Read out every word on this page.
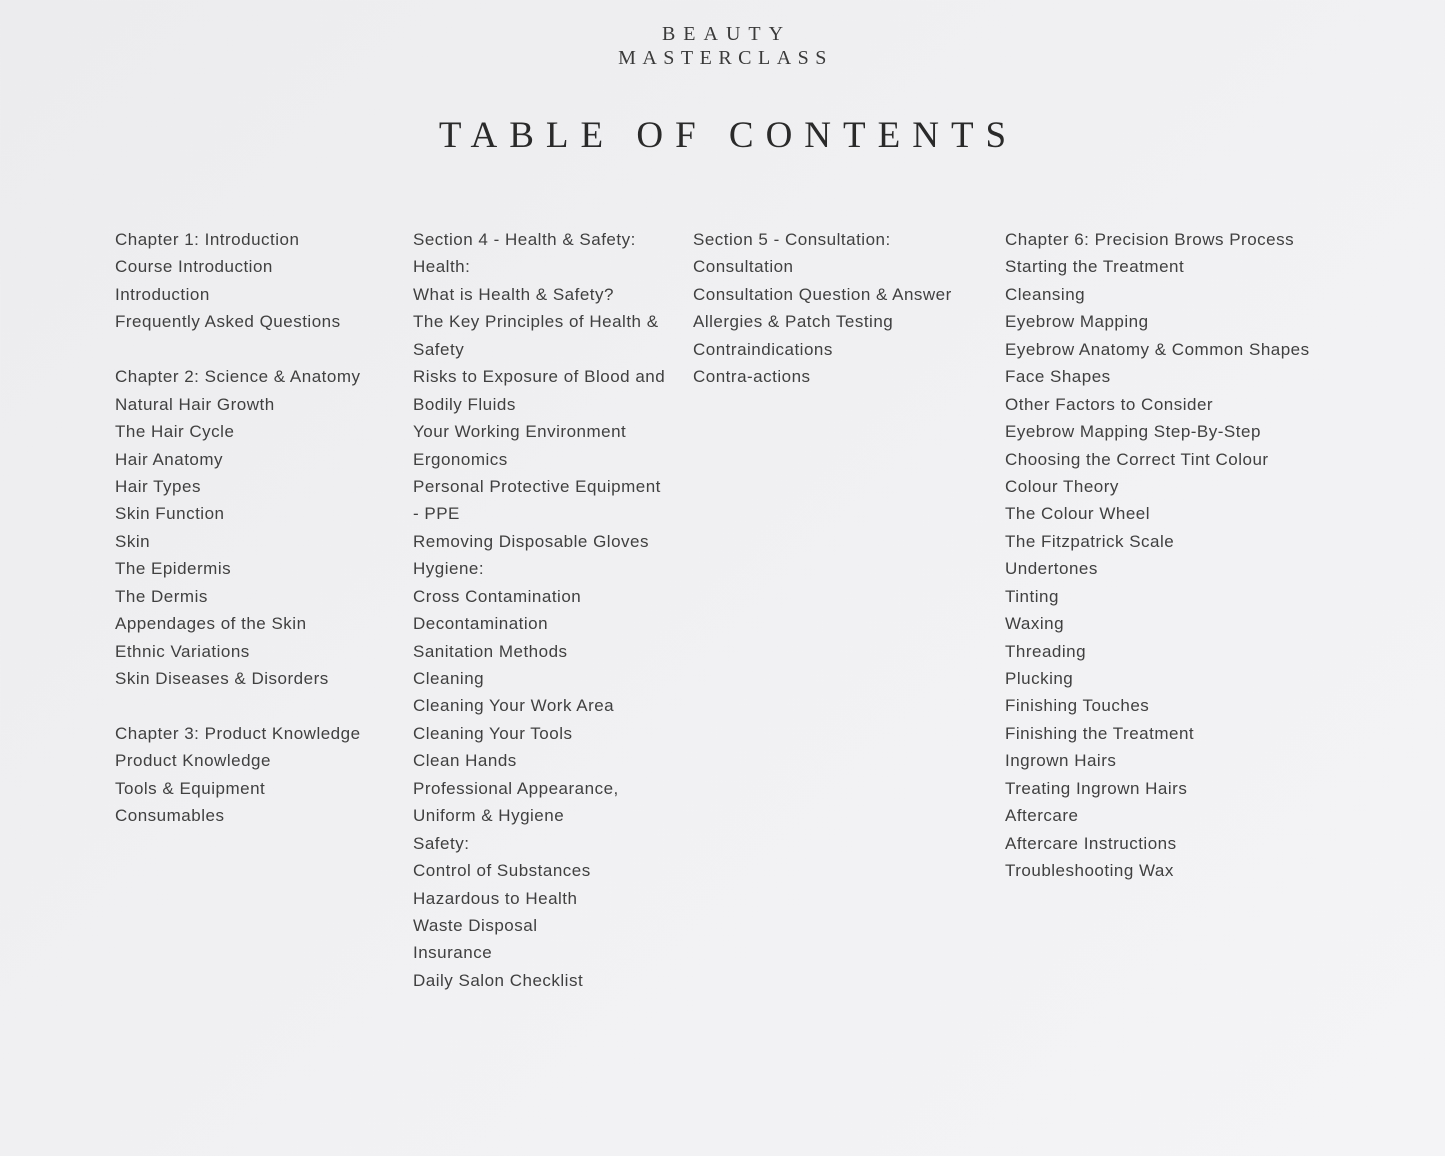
BEAUTY
MASTERCLASS
TABLE OF CONTENTS
Chapter 1: Introduction
Course Introduction
Introduction
Frequently Asked Questions
Chapter 2: Science & Anatomy
Natural Hair Growth
The Hair Cycle
Hair Anatomy
Hair Types
Skin Function
Skin
The Epidermis
The Dermis
Appendages of the Skin
Ethnic Variations
Skin Diseases & Disorders
Chapter 3: Product Knowledge
Product Knowledge
Tools & Equipment
Consumables
Section 4 - Health & Safety:
Health:
What is Health & Safety?
The Key Principles of Health &
Safety
Risks to Exposure of Blood and
Bodily Fluids
Your Working Environment
Ergonomics
Personal Protective Equipment
- PPE
Removing Disposable Gloves
Hygiene:
Cross Contamination
Decontamination
Sanitation Methods
Cleaning
Cleaning Your Work Area
Cleaning Your Tools
Clean Hands
Professional Appearance,
Uniform & Hygiene
Safety:
Control of Substances
Hazardous to Health
Waste Disposal
Insurance
Daily Salon Checklist
Section 5 - Consultation:
Consultation
Consultation Question & Answer
Allergies & Patch Testing
Contraindications
Contra-actions
Chapter 6: Precision Brows Process
Starting the Treatment
Cleansing
Eyebrow Mapping
Eyebrow Anatomy & Common Shapes
Face Shapes
Other Factors to Consider
Eyebrow Mapping Step-By-Step
Choosing the Correct Tint Colour
Colour Theory
The Colour Wheel
The Fitzpatrick Scale
Undertones
Tinting
Waxing
Threading
Plucking
Finishing Touches
Finishing the Treatment
Ingrown Hairs
Treating Ingrown Hairs
Aftercare
Aftercare Instructions
Troubleshooting Wax
